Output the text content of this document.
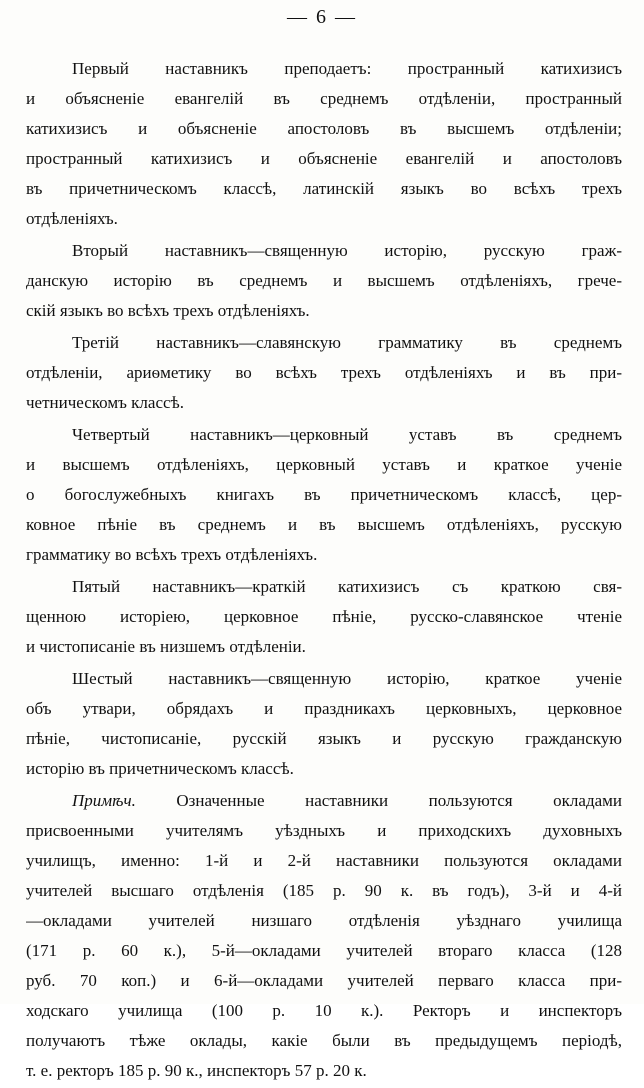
— 6 —
Первый наставникъ преподаетъ: пространный катихизисъ
и объясненіе евангелій въ среднемъ отдѣленіи, пространный
катихизисъ и объясненіе апостоловъ въ высшемъ отдѣленіи;
пространный катихизисъ и объясненіе евангелій и апостоловъ
въ причетническомъ классѣ, латинскій языкъ во всѣхъ трехъ
отдѣленіяхъ.
Вторый наставникъ—священную исторію, русскую граж-
данскую исторію въ среднемъ и высшемъ отдѣленіяхъ, грече-
скій языкъ во всѣхъ трехъ отдѣленіяхъ.
Третій наставникъ—славянскую грамматику въ среднемъ
отдѣленіи, ариѳметику во всѣхъ трехъ отдѣленіяхъ и въ при-
четническомъ классѣ.
Четвертый наставникъ—церковный уставъ въ среднемъ
и высшемъ отдѣленіяхъ, церковный уставъ и краткое ученіе
о богослужебныхъ книгахъ въ причетническомъ классѣ, цер-
ковное пѣніе въ среднемъ и въ высшемъ отдѣленіяхъ, русскую
грамматику во всѣхъ трехъ отдѣленіяхъ.
Пятый наставникъ—краткій катихизисъ съ краткою свя-
щенною исторіею, церковное пѣніе, русско-славянское чтеніе
и чистописаніе въ низшемъ отдѣленіи.
Шестый наставникъ—священную исторію, краткое ученіе
объ утвари, обрядахъ и праздникахъ церковныхъ, церковное
пѣніе, чистописаніе, русскій языкъ и русскую гражданскую
исторію въ причетническомъ классѣ.
Примѣч. Означенные наставники пользуются окладами
присвоенными учителямъ уѣздныхъ и приходскихъ духовныхъ
училищъ, именно: 1-й и 2-й наставники пользуются окладами
учителей высшаго отдѣленія (185 р. 90 к. въ годъ), 3-й и 4-й
—окладами учителей низшаго отдѣленія уѣзднаго училища
(171 р. 60 к.), 5-й—окладами учителей втораго класса (128
руб. 70 коп.) и 6-й—окладами учителей перваго класса при-
ходскаго училища (100 р. 10 к.). Ректоръ и инспекторъ
получаютъ тѣже оклады, какіе были въ предыдущемъ періодѣ,
т. е. ректоръ 185 р. 90 к., инспекторъ 57 р. 20 к.
